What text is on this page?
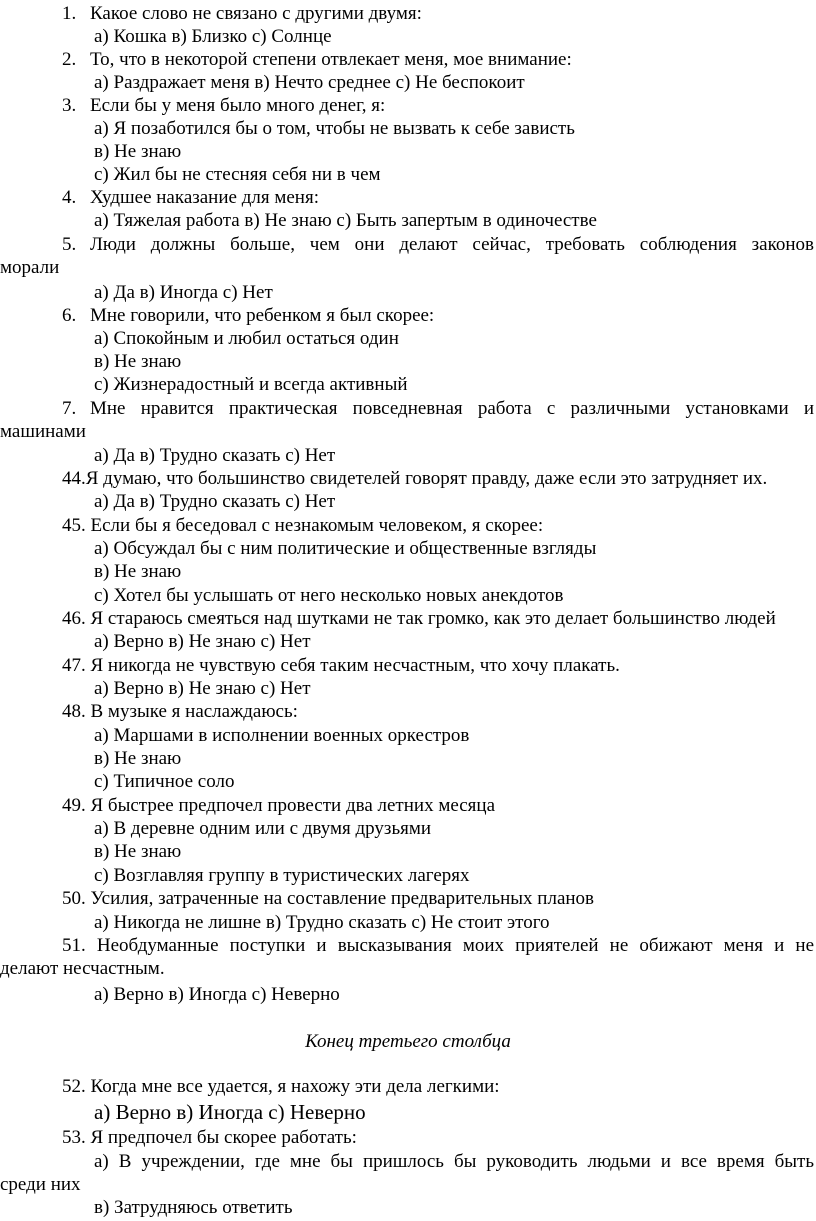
1. Какое слово не связано с другими двумя:
а) Кошка в) Близко с) Солнце
2. То, что в некоторой степени отвлекает меня, мое внимание:
а) Раздражает меня в) Нечто среднее с) Не беспокоит
3. Если бы у меня было много денег, я:
а) Я позаботился бы о том, чтобы не вызвать к себе зависть
в) Не знаю
с) Жил бы не стесняя себя ни в чем
4. Худшее наказание для меня:
а) Тяжелая работа в) Не знаю с) Быть запертым в одиночестве
5. Люди должны больше, чем они делают сейчас, требовать соблюдения законов
морали
а) Да в) Иногда с) Нет
6. Мне говорили, что ребенком я был скорее:
а) Спокойным и любил остаться один
в) Не знаю
с) Жизнерадостный и всегда активный
7. Мне нравится практическая повседневная работа с различными установками и
машинами
а) Да в) Трудно сказать с) Нет
44.Я думаю, что большинство свидетелей говорят правду, даже если это затрудняет их.
а) Да в) Трудно сказать с) Нет
45. Если бы я беседовал с незнакомым человеком, я скорее:
а) Обсуждал бы с ним политические и общественные взгляды
в) Не знаю
с) Хотел бы услышать от него несколько новых анекдотов
46. Я стараюсь смеяться над шутками не так громко, как это делает большинство людей
а) Верно в) Не знаю с) Нет
47. Я никогда не чувствую себя таким несчастным, что хочу плакать.
а) Верно в) Не знаю с) Нет
48. В музыке я наслаждаюсь:
а) Маршами в исполнении военных оркестров
в) Не знаю
с) Типичное соло
49. Я быстрее предпочел провести два летних месяца
а) В деревне одним или с двумя друзьями
в) Не знаю
с) Возглавляя группу в туристических лагерях
50. Усилия, затраченные на составление предварительных планов
а) Никогда не лишне в) Трудно сказать с) Не стоит этого
51. Необдуманные поступки и высказывания моих приятелей не обижают меня и не
делают несчастным.
а) Верно в) Иногда с) Неверно
Конец третьего столбца
52. Когда мне все удается, я нахожу эти дела легкими:
а) Верно в) Иногда с) Неверно
53. Я предпочел бы скорее работать:
а) В учреждении, где мне бы пришлось бы руководить людьми и все время быть
среди них
в) Затрудняюсь ответить
